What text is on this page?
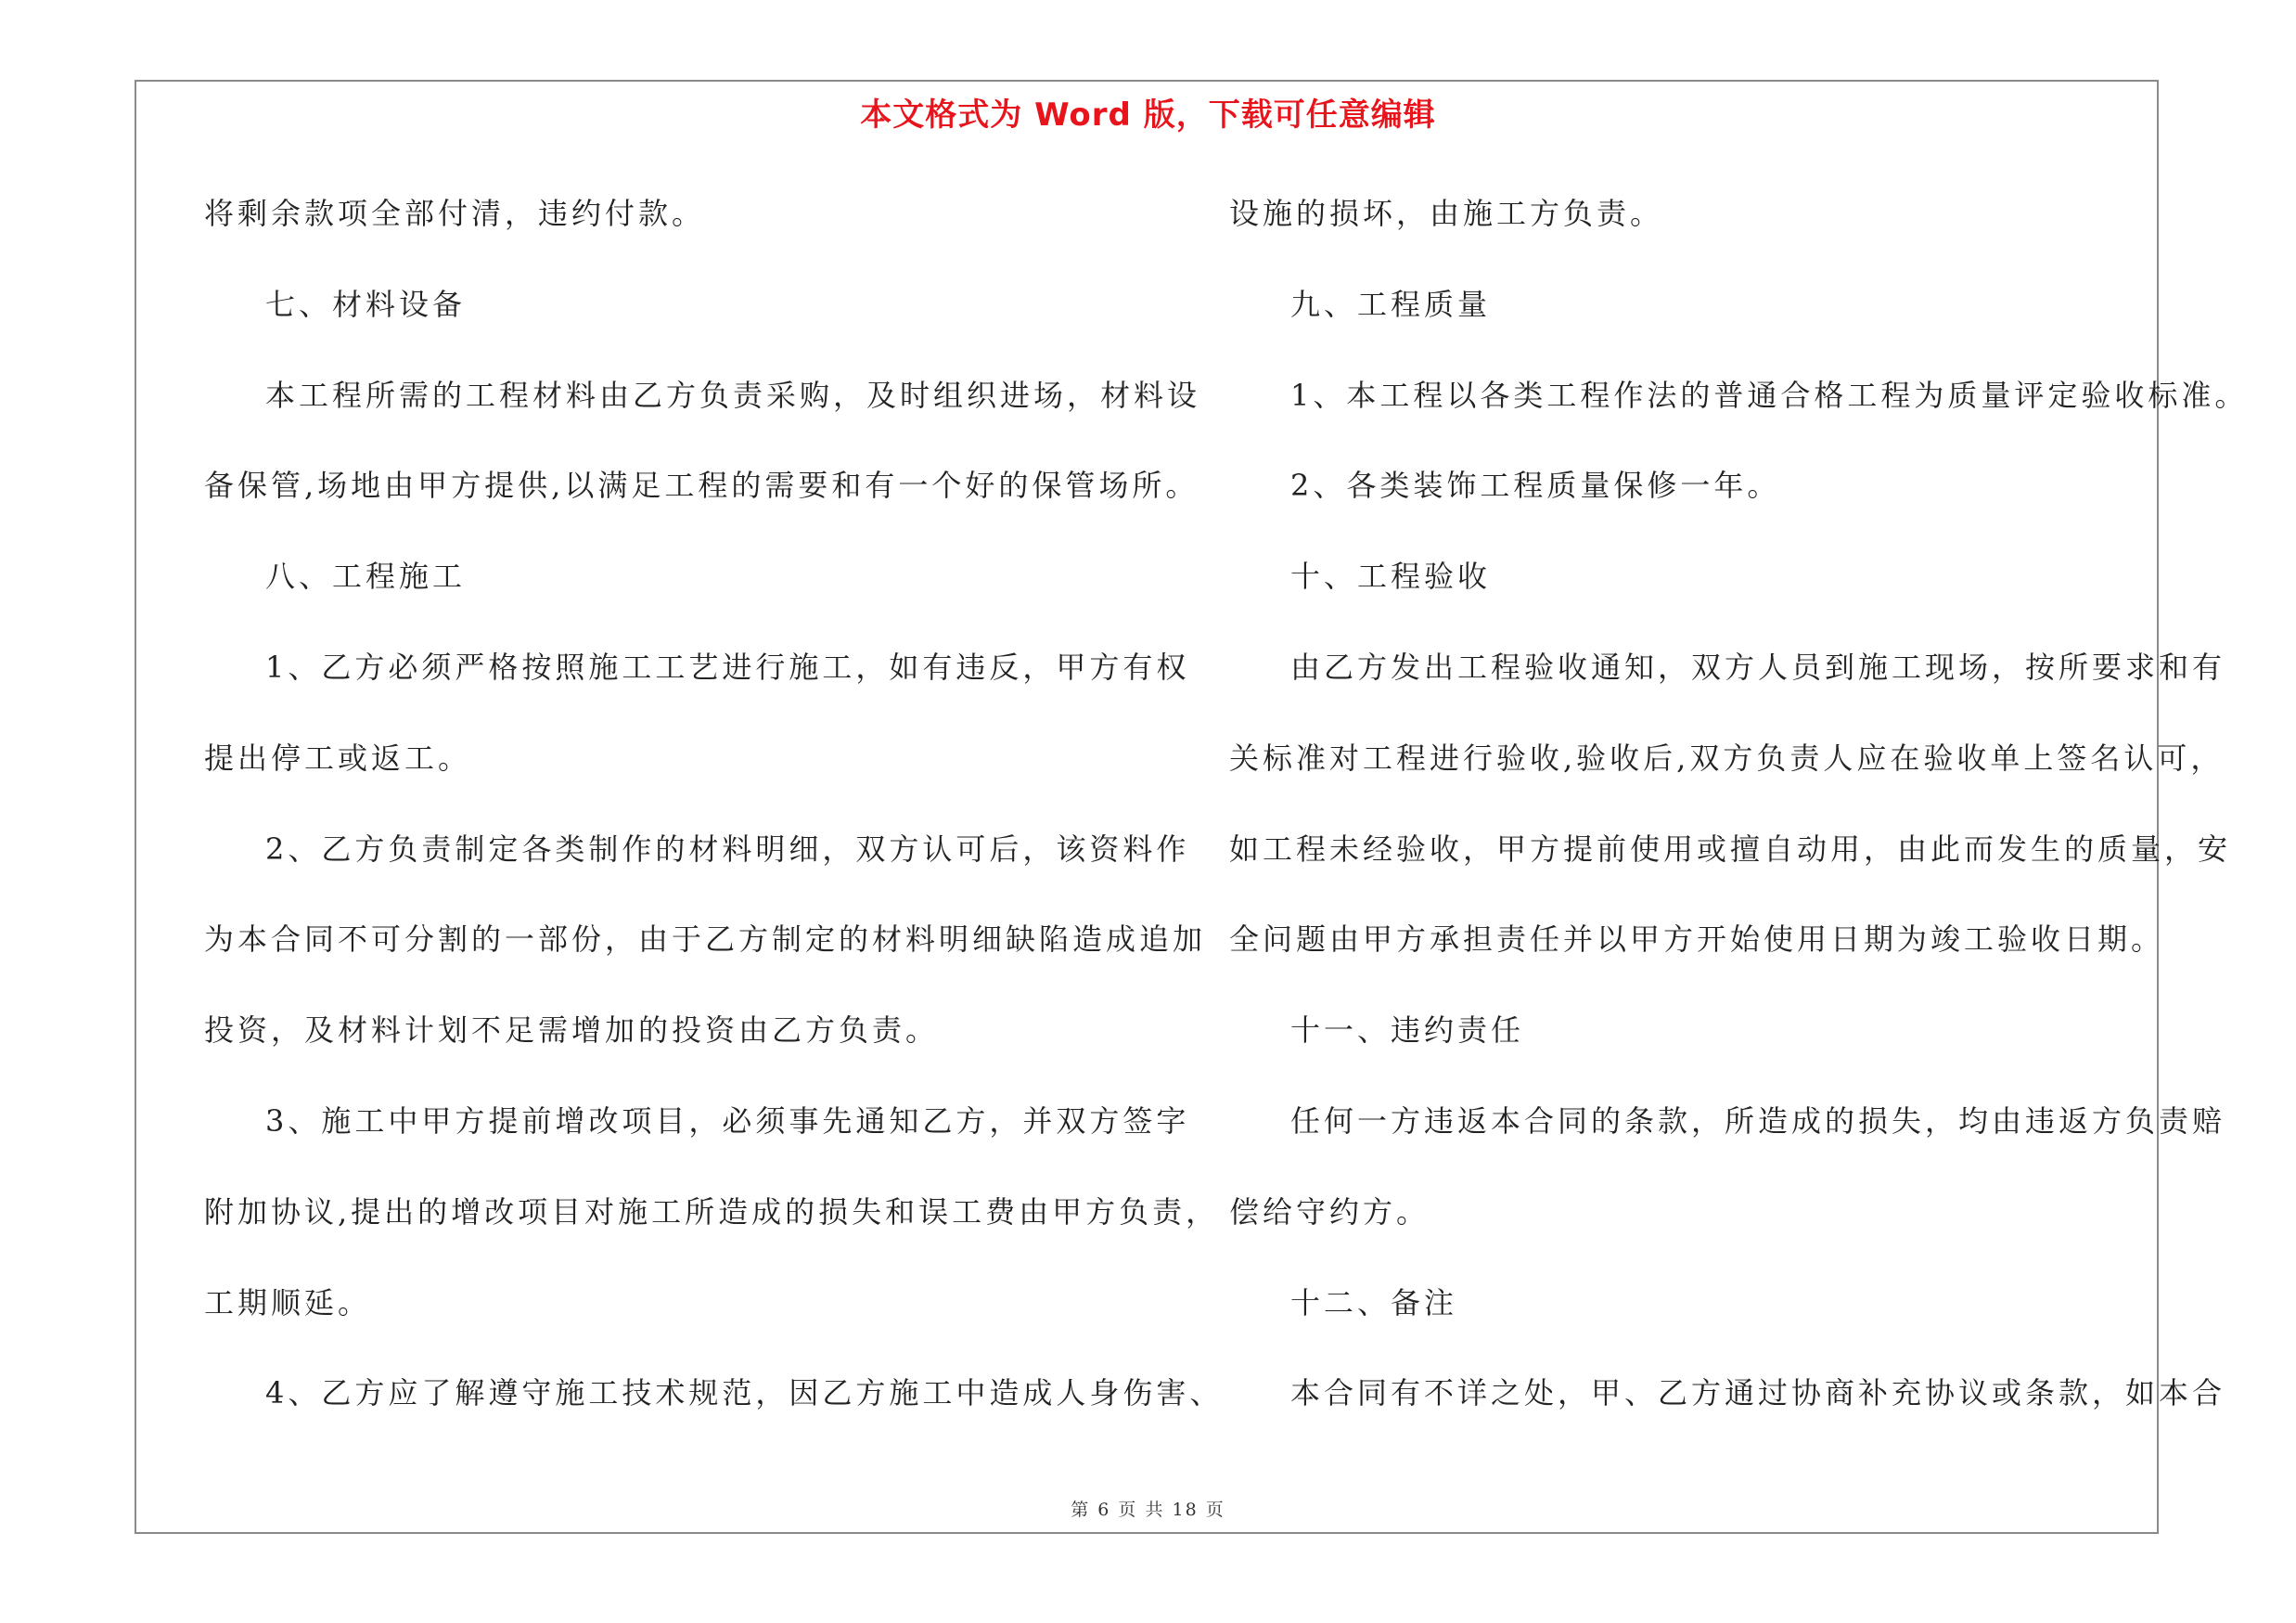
本文格式为 Word 版，下载可任意编辑
将剩余款项全部付清，违约付款。
七、材料设备
本工程所需的工程材料由乙方负责采购，及时组织进场，材料设
备保管,场地由甲方提供,以满足工程的需要和有一个好的保管场所。
八、工程施工
1、乙方必须严格按照施工工艺进行施工，如有违反，甲方有权
提出停工或返工。
2、乙方负责制定各类制作的材料明细，双方认可后，该资料作
为本合同不可分割的一部份，由于乙方制定的材料明细缺陷造成追加
投资，及材料计划不足需增加的投资由乙方负责。
3、施工中甲方提前增改项目，必须事先通知乙方，并双方签字
附加协议,提出的增改项目对施工所造成的损失和误工费由甲方负责，
工期顺延。
4、乙方应了解遵守施工技术规范，因乙方施工中造成人身伤害、
设施的损坏，由施工方负责。
九、工程质量
1、本工程以各类工程作法的普通合格工程为质量评定验收标准。
2、各类装饰工程质量保修一年。
十、工程验收
由乙方发出工程验收通知，双方人员到施工现场，按所要求和有
关标准对工程进行验收,验收后,双方负责人应在验收单上签名认可，
如工程未经验收，甲方提前使用或擅自动用，由此而发生的质量，安
全问题由甲方承担责任并以甲方开始使用日期为竣工验收日期。
十一、违约责任
任何一方违返本合同的条款，所造成的损失，均由违返方负责赔
偿给守约方。
十二、备注
本合同有不详之处，甲、乙方通过协商补充协议或条款，如本合
第 6 页 共 18 页
